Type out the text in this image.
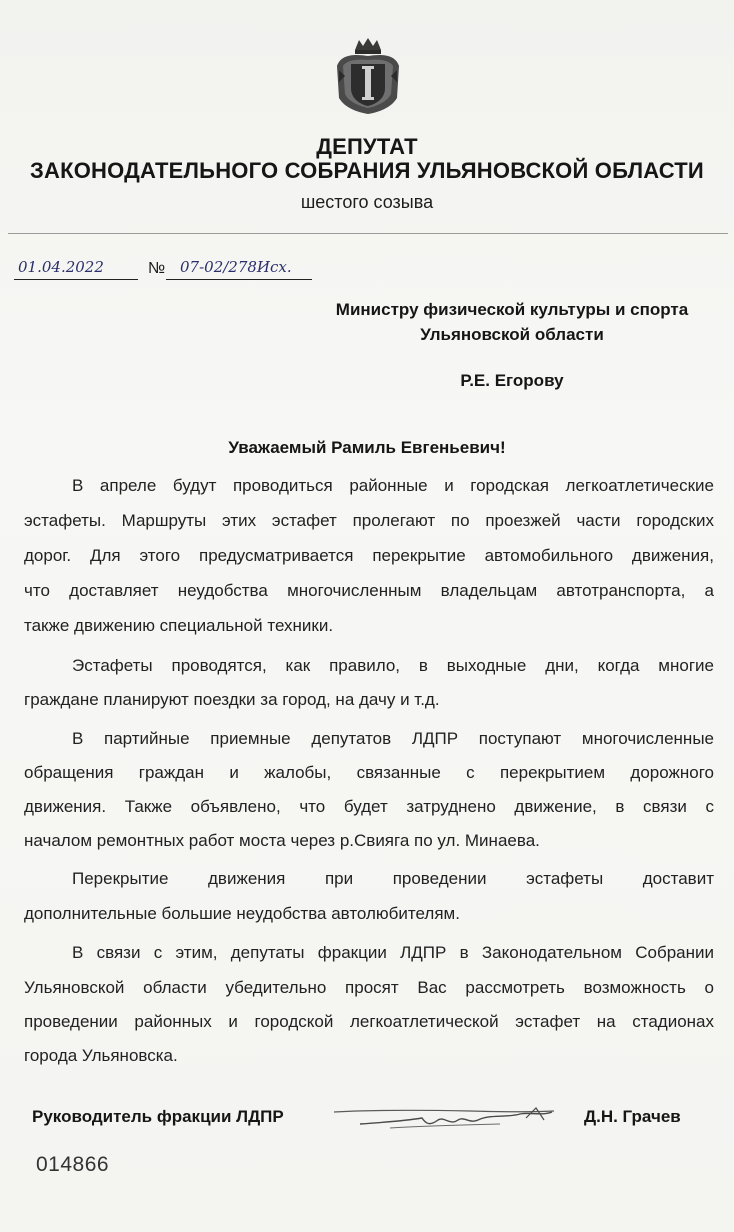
ДЕПУТАТ
ЗАКОНОДАТЕЛЬНОГО СОБРАНИЯ УЛЬЯНОВСКОЙ ОБЛАСТИ
шестого созыва
01.04.2022	№ 07-02/278Исх.
Министру физической культуры и спорта
Ульяновской области
Р.Е. Егорову
Уважаемый Рамиль Евгеньевич!
В апреле будут проводиться районные и городская легкоатлетические
эстафеты. Маршруты этих эстафет пролегают по проезжей части городских
дорог. Для этого предусматривается перекрытие автомобильного движения,
что доставляет неудобства многочисленным владельцам автотранспорта, а
также движению специальной техники.
Эстафеты проводятся, как правило, в выходные дни, когда многие
граждане планируют поездки за город, на дачу и т.д.
В партийные приемные депутатов ЛДПР поступают многочисленные
обращения граждан и жалобы, связанные с перекрытием дорожного
движения. Также объявлено, что будет затруднено движение, в связи с
началом ремонтных работ моста через р.Свияга по ул. Минаева.
Перекрытие движения при проведении эстафеты доставит
дополнительные большие неудобства автолюбителям.
В связи с этим, депутаты фракции ЛДПР в Законодательном Собрании
Ульяновской области убедительно просят Вас рассмотреть возможность о
проведении районных и городской легкоатлетической эстафет на стадионах
города Ульяновска.
Руководитель фракции ЛДПР	Д.Н. Грачев
014866
